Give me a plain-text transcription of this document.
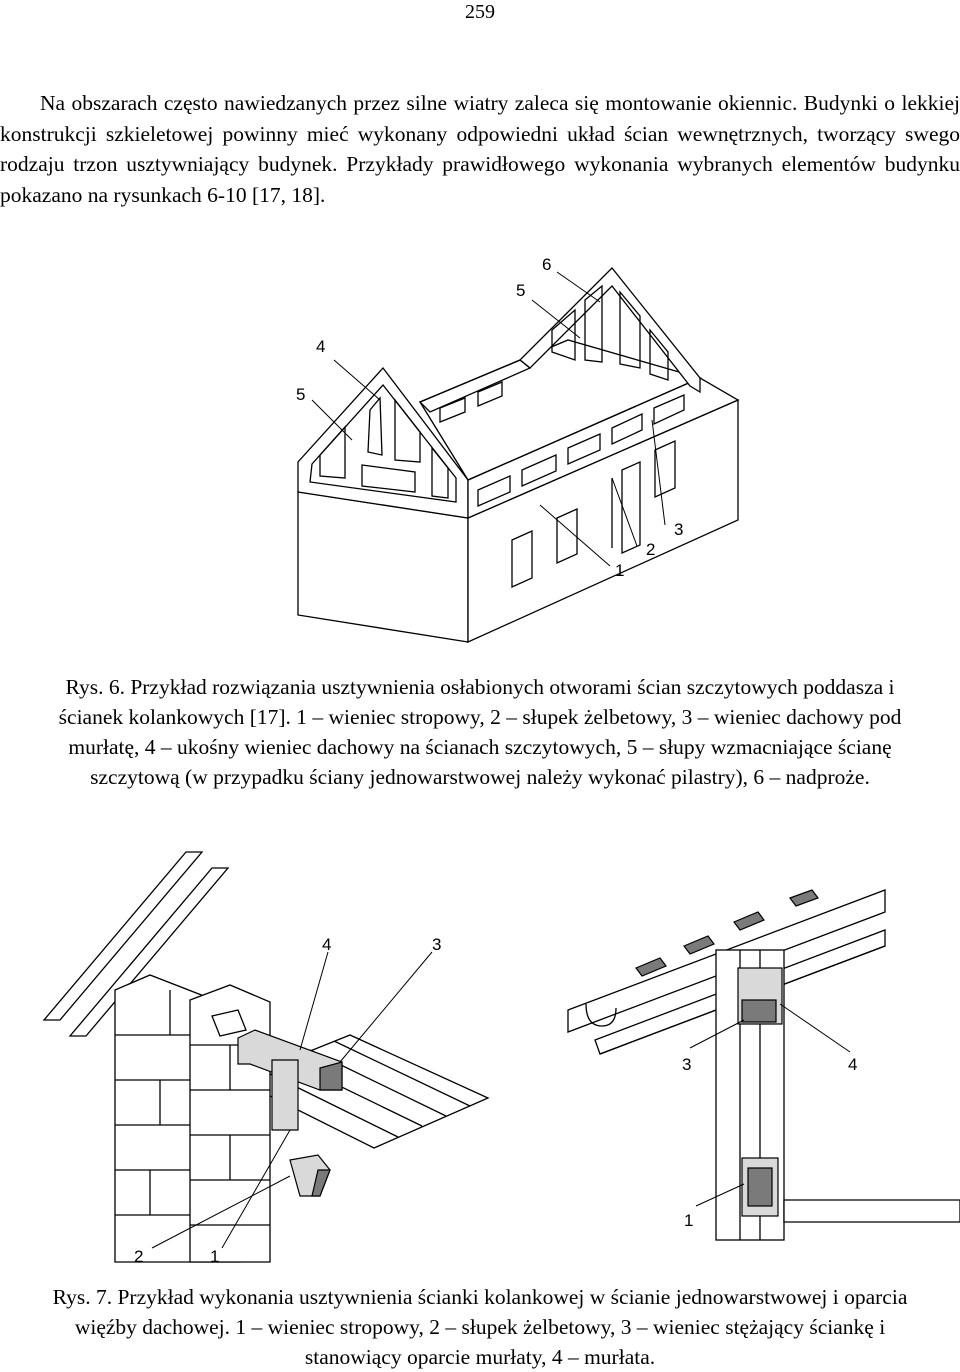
259
Na obszarach często nawiedzanych przez silne wiatry zaleca się montowanie okiennic. Budynki o lekkiej konstrukcji szkieletowej powinny mieć wykonany odpowiedni układ ścian wewnętrznych, tworzący swego rodzaju trzon usztywniający budynek. Przykłady prawidłowego wykonania wybranych elementów budynku pokazano na rysunkach 6-10 [17, 18].
6
5
4
5
3
2
1
Rys. 6. Przykład rozwiązania usztywnienia osłabionych otworami ścian szczytowych poddasza i ścianek kolankowych [17]. 1 – wieniec stropowy, 2 – słupek żelbetowy, 3 – wieniec dachowy pod murłatę, 4 – ukośny wieniec dachowy na ścianach szczytowych, 5 – słupy wzmacniające ścianę szczytową (w przypadku ściany jednowarstwowej należy wykonać pilastry), 6 – nadproże.
4	3
2	1
3	4
1
Rys. 7. Przykład wykonania usztywnienia ścianki kolankowej w ścianie jednowarstwowej i oparcia więźby dachowej. 1 – wieniec stropowy, 2 – słupek żelbetowy, 3 – wieniec stężający ściankę i stanowiący oparcie murłaty, 4 – murłata.
